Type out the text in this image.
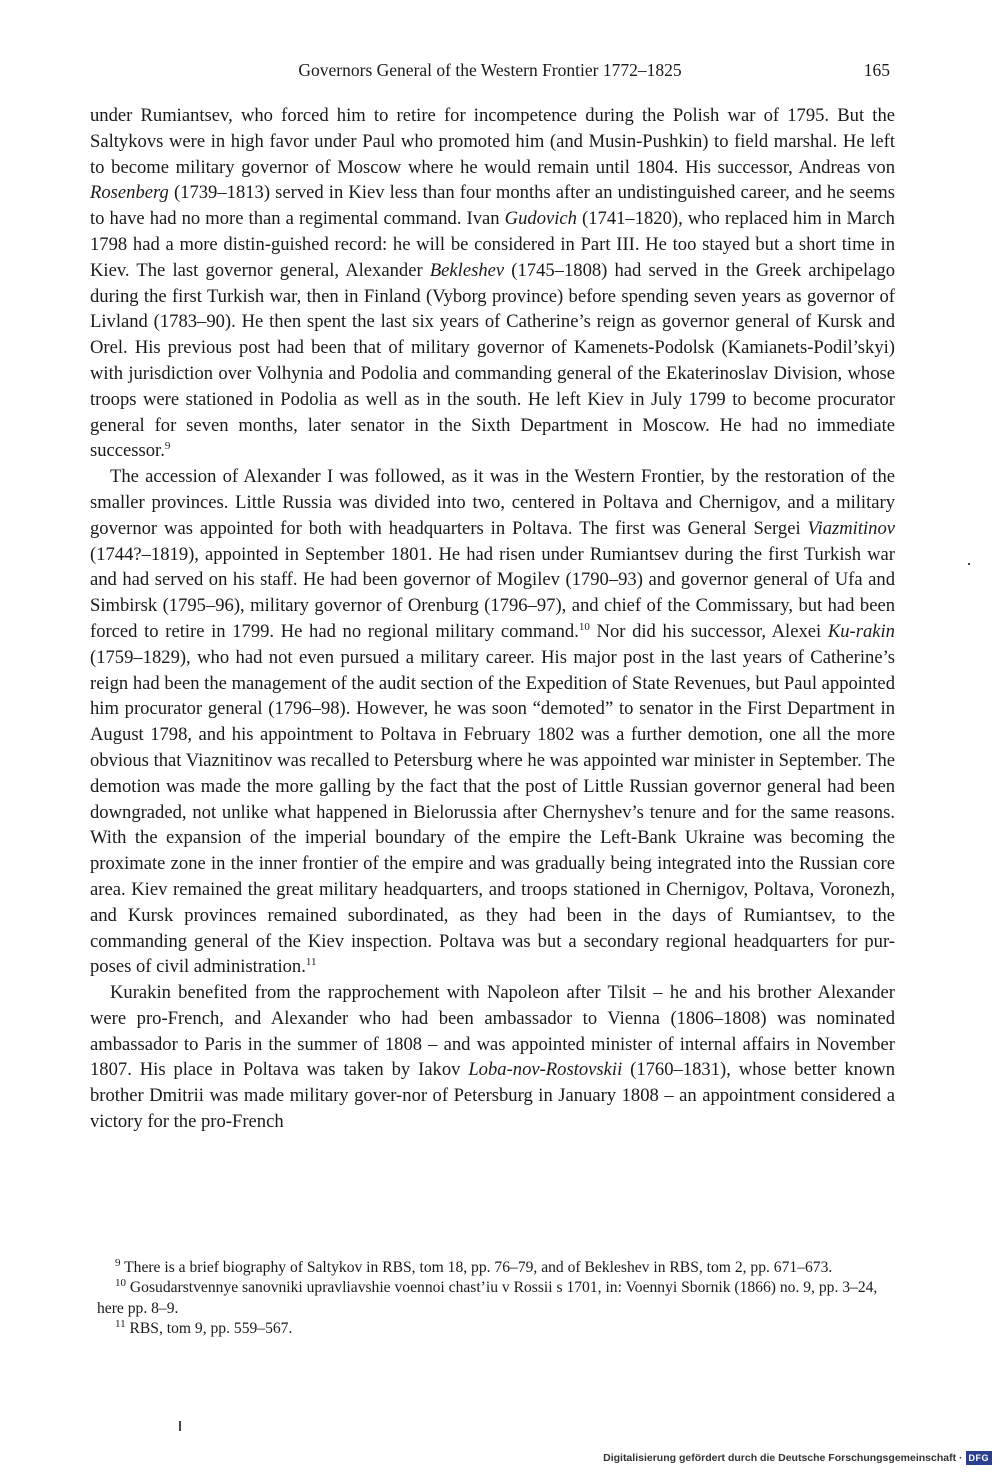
Governors General of the Western Frontier 1772–1825	165

under Rumiantsev, who forced him to retire for incompetence during the Polish war of 1795. But the Saltykovs were in high favor under Paul who promoted him (and Musin-Pushkin) to field marshal. He left to become military governor of Moscow where he would remain until 1804. His successor, Andreas von Rosenberg (1739–1813) served in Kiev less than four months after an undistinguished career, and he seems to have had no more than a regimental command. Ivan Gudovich (1741–1820), who replaced him in March 1798 had a more distin-guished record: he will be considered in Part III. He too stayed but a short time in Kiev. The last governor general, Alexander Bekleshev (1745–1808) had served in the Greek archipelago during the first Turkish war, then in Finland (Vyborg province) before spending seven years as governor of Livland (1783–90). He then spent the last six years of Catherine’s reign as governor general of Kursk and Orel. His previous post had been that of military governor of Kamenets-Podolsk (Kamianets-Podil’skyi) with jurisdiction over Volhynia and Podolia and commanding general of the Ekaterinoslav Division, whose troops were stationed in Podolia as well as in the south. He left Kiev in July 1799 to become procurator general for seven months, later senator in the Sixth Department in Moscow. He had no immediate successor.$^9$

The accession of Alexander I was followed, as it was in the Western Frontier, by the restoration of the smaller provinces. Little Russia was divided into two, centered in Poltava and Chernigov, and a military governor was appointed for both with headquarters in Poltava. The first was General Sergei Viazmitinov (1744?–1819), appointed in September 1801. He had risen under Rumiantsev during the first Turkish war and had served on his staff. He had been governor of Mogilev (1790–93) and governor general of Ufa and Simbirsk (1795–96), military governor of Orenburg (1796–97), and chief of the Commissary, but had been forced to retire in 1799. He had no regional military command.$^{10}$ Nor did his successor, Alexei Ku-rakin (1759–1829), who had not even pursued a military career. His major post in the last years of Catherine’s reign had been the management of the audit section of the Expedition of State Revenues, but Paul appointed him procurator general (1796–98). However, he was soon “demoted” to senator in the First Department in August 1798, and his appointment to Poltava in February 1802 was a further demotion, one all the more obvious that Viaznitinov was recalled to Petersburg where he was appointed war minister in September. The demotion was made the more galling by the fact that the post of Little Russian governor general had been downgraded, not unlike what happened in Bielorussia after Chernyshev’s tenure and for the same reasons. With the expansion of the imperial boundary of the empire the Left-Bank Ukraine was becoming the proximate zone in the inner frontier of the empire and was gradually being integrated into the Russian core area. Kiev remained the great military headquarters, and troops stationed in Chernigov, Poltava, Voronezh, and Kursk provinces remained subordinated, as they had been in the days of Rumiantsev, to the commanding general of the Kiev inspection. Poltava was but a secondary regional headquarters for pur-poses of civil administration.$^{11}$

Kurakin benefited from the rapprochement with Napoleon after Tilsit – he and his brother Alexander were pro-French, and Alexander who had been ambassador to Vienna (1806–1808) was nominated ambassador to Paris in the summer of 1808 – and was appointed minister of internal affairs in November 1807. His place in Poltava was taken by Iakov Loba-nov-Rostovskii (1760–1831), whose better known brother Dmitrii was made military gover-nor of Petersburg in January 1808 – an appointment considered a victory for the pro-French

$^9$ There is a brief biography of Saltykov in RBS, tom 18, pp. 76–79, and of Bekleshev in RBS, tom 2, pp. 671–673.

$^{10}$ Gosudarstvennye sanovniki upravliavshie voennoi chast’iu v Rossii s 1701, in: Voennyi Sbornik (1866) no. 9, pp. 3–24, here pp. 8–9.

$^{11}$ RBS, tom 9, pp. 559–567.

Digitalisierung gefördert durch die Deutsche Forschungsgemeinschaft · DFG
